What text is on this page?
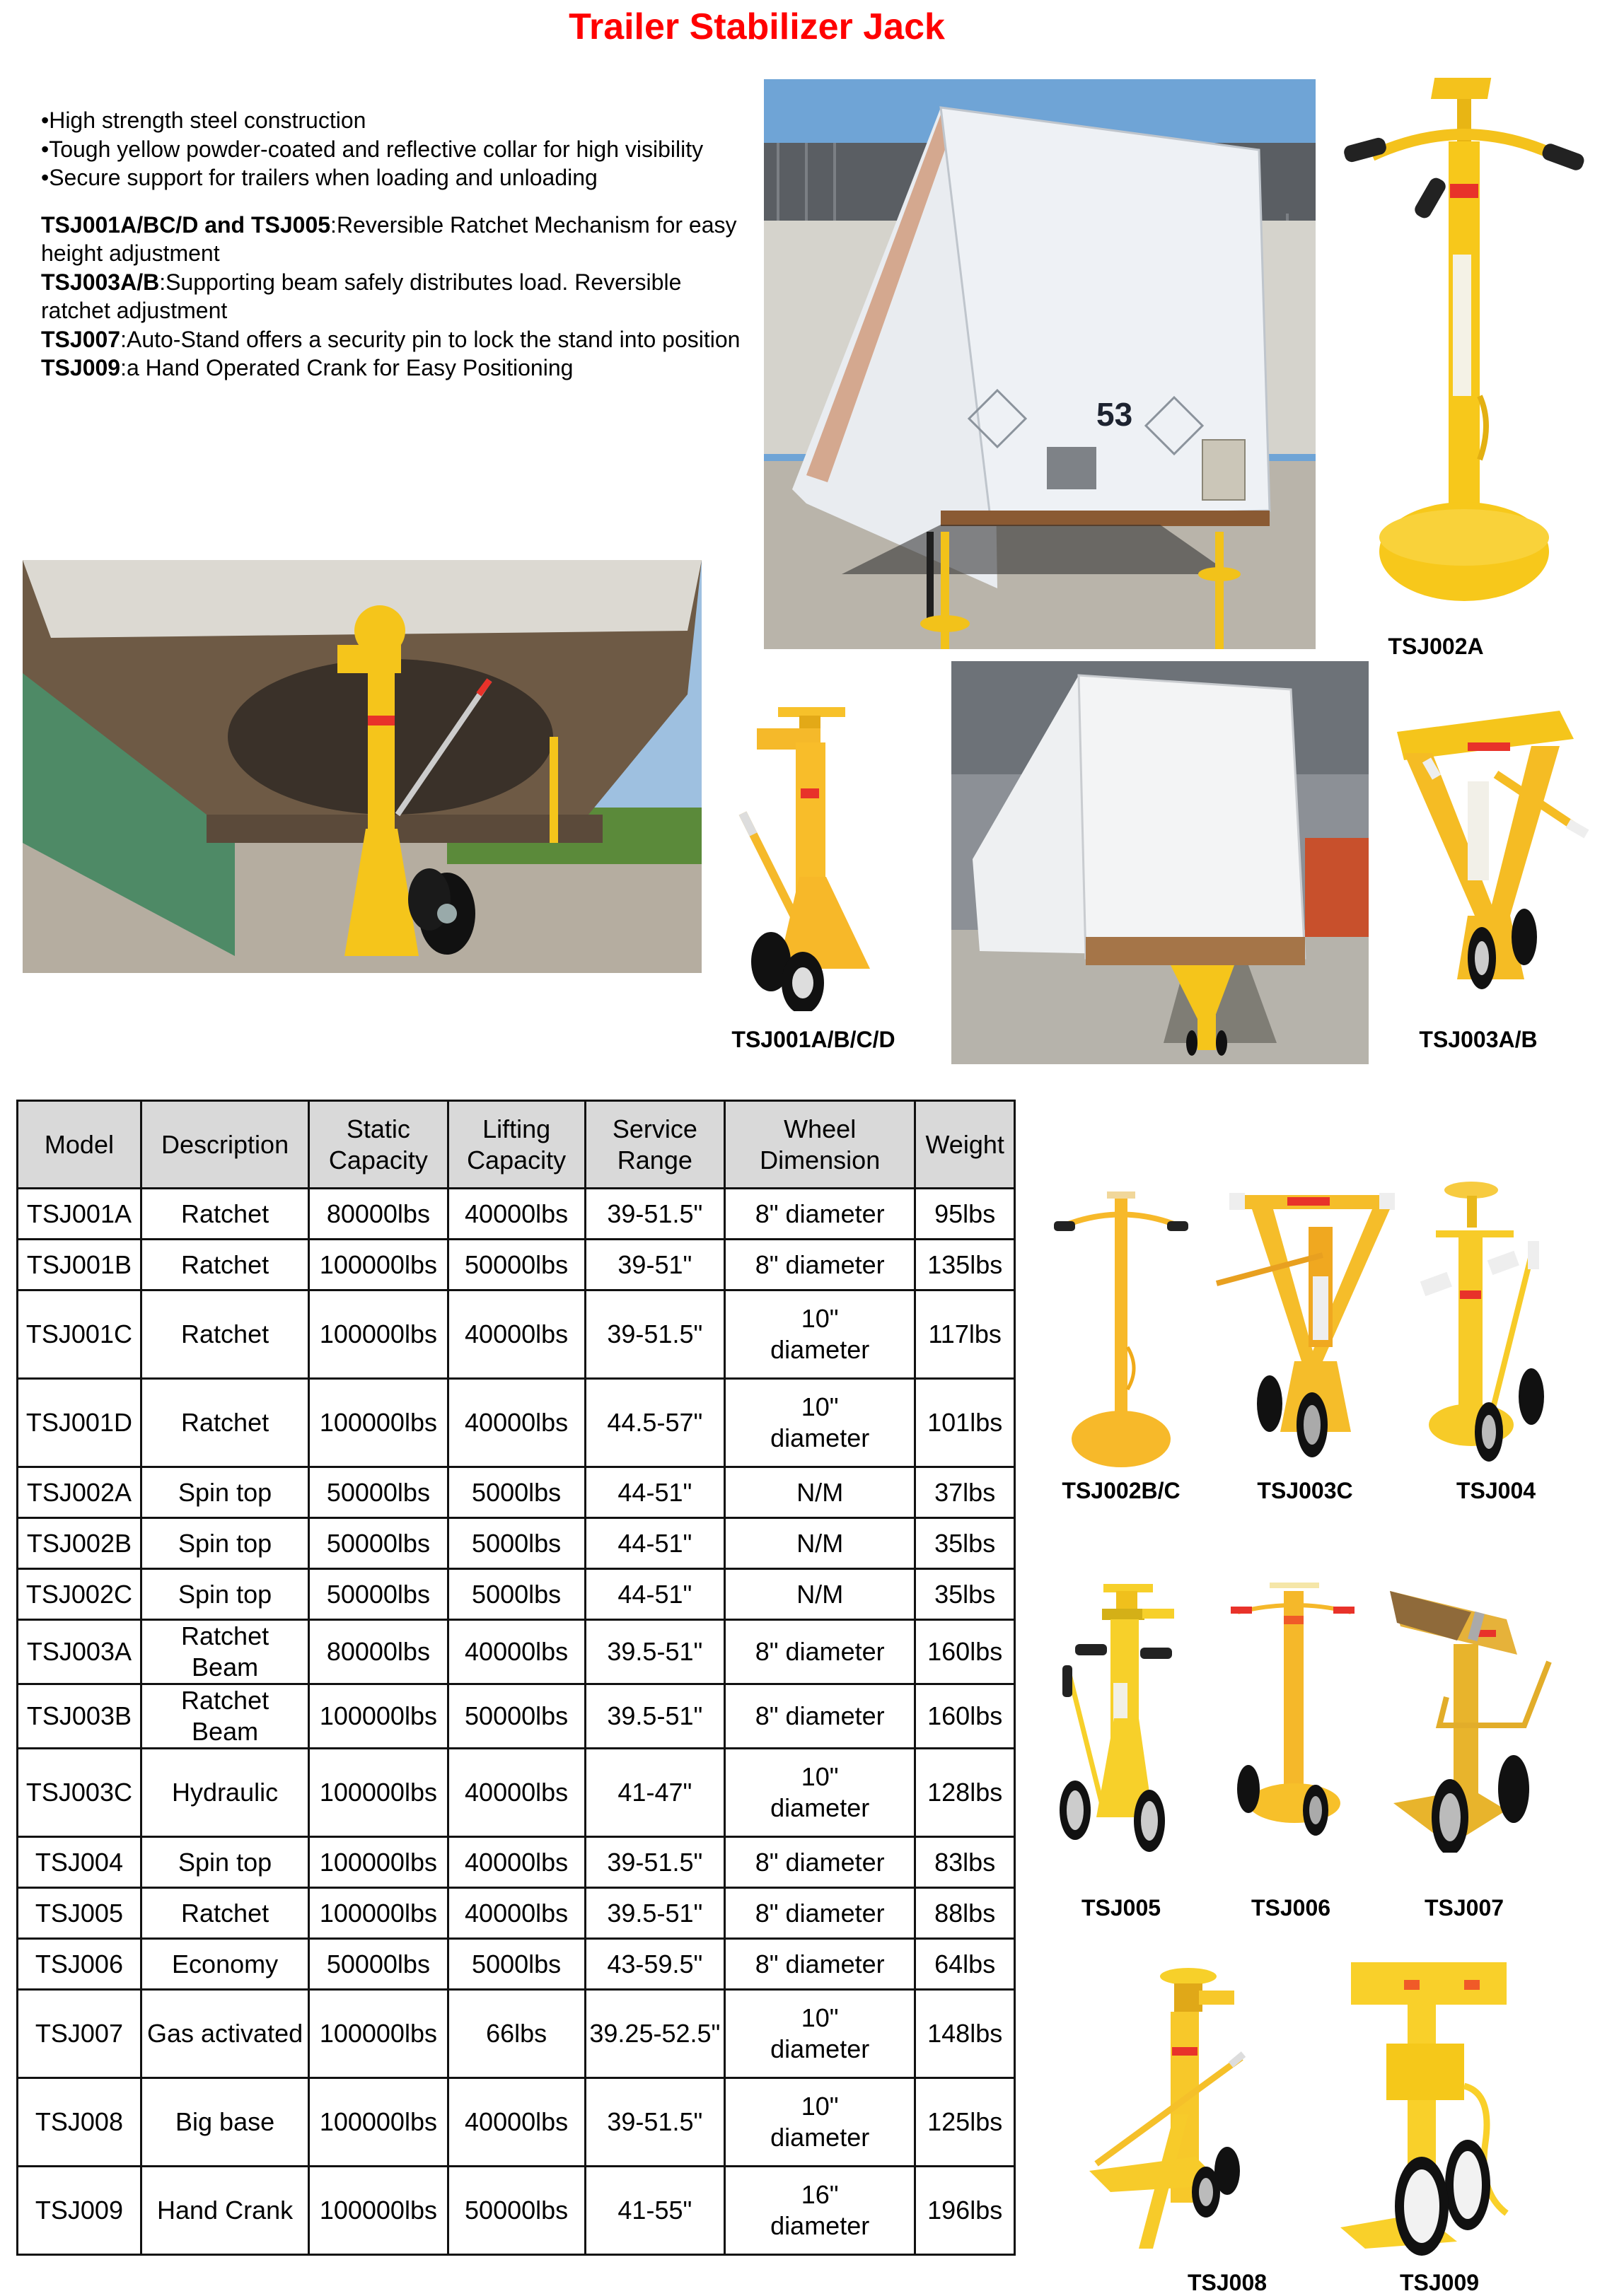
Trailer Stabilizer Jack

•High strength steel construction

•Tough yellow powder-coated and reflective collar for high visibility

•Secure support for trailers when loading and unloading

TSJ001A/BC/D and TSJ005:Reversible Ratchet Mechanism for easy height adjustment

TSJ003A/B:Supporting beam safely distributes load. Reversible ratchet adjustment

TSJ007:Auto-Stand offers a security pin to lock the stand into position

TSJ009:a Hand Operated Crank for Easy Positioning

53
TSJ002A
TSJ001A/B/C/D	TSJ003A/B
Model	Description	Static Capacity	Lifting Capacity	Service Range	Wheel Dimension	Weight
TSJ001A	Ratchet	80000lbs	40000lbs	39-51.5"	8" diameter	95lbs
TSJ001B	Ratchet	100000lbs	50000lbs	39-51"	8" diameter	135lbs
TSJ001C	Ratchet	100000lbs	40000lbs	39-51.5"	10" diameter	117lbs
TSJ001D	Ratchet	100000lbs	40000lbs	44.5-57"	10" diameter	101lbs
TSJ002A	Spin top	50000lbs	5000lbs	44-51"	N/M	37lbs
TSJ002B	Spin top	50000lbs	5000lbs	44-51"	N/M	35lbs
TSJ002C	Spin top	50000lbs	5000lbs	44-51"	N/M	35lbs
TSJ003A	Ratchet Beam	80000lbs	40000lbs	39.5-51"	8" diameter	160lbs
TSJ003B	Ratchet Beam	100000lbs	50000lbs	39.5-51"	8" diameter	160lbs
TSJ003C	Hydraulic	100000lbs	40000lbs	41-47"	10" diameter	128lbs
TSJ004	Spin top	100000lbs	40000lbs	39-51.5"	8" diameter	83lbs
TSJ005	Ratchet	100000lbs	40000lbs	39.5-51"	8" diameter	88lbs
TSJ006	Economy	50000lbs	5000lbs	43-59.5"	8" diameter	64lbs
TSJ007	Gas activated	100000lbs	66lbs	39.25-52.5"	10" diameter	148lbs
TSJ008	Big base	100000lbs	40000lbs	39-51.5"	10" diameter	125lbs
TSJ009	Hand Crank	100000lbs	50000lbs	41-55"	16" diameter	196lbs
TSJ002B/C	TSJ003C	TSJ004
TSJ005	TSJ006	TSJ007
TSJ008	TSJ009
